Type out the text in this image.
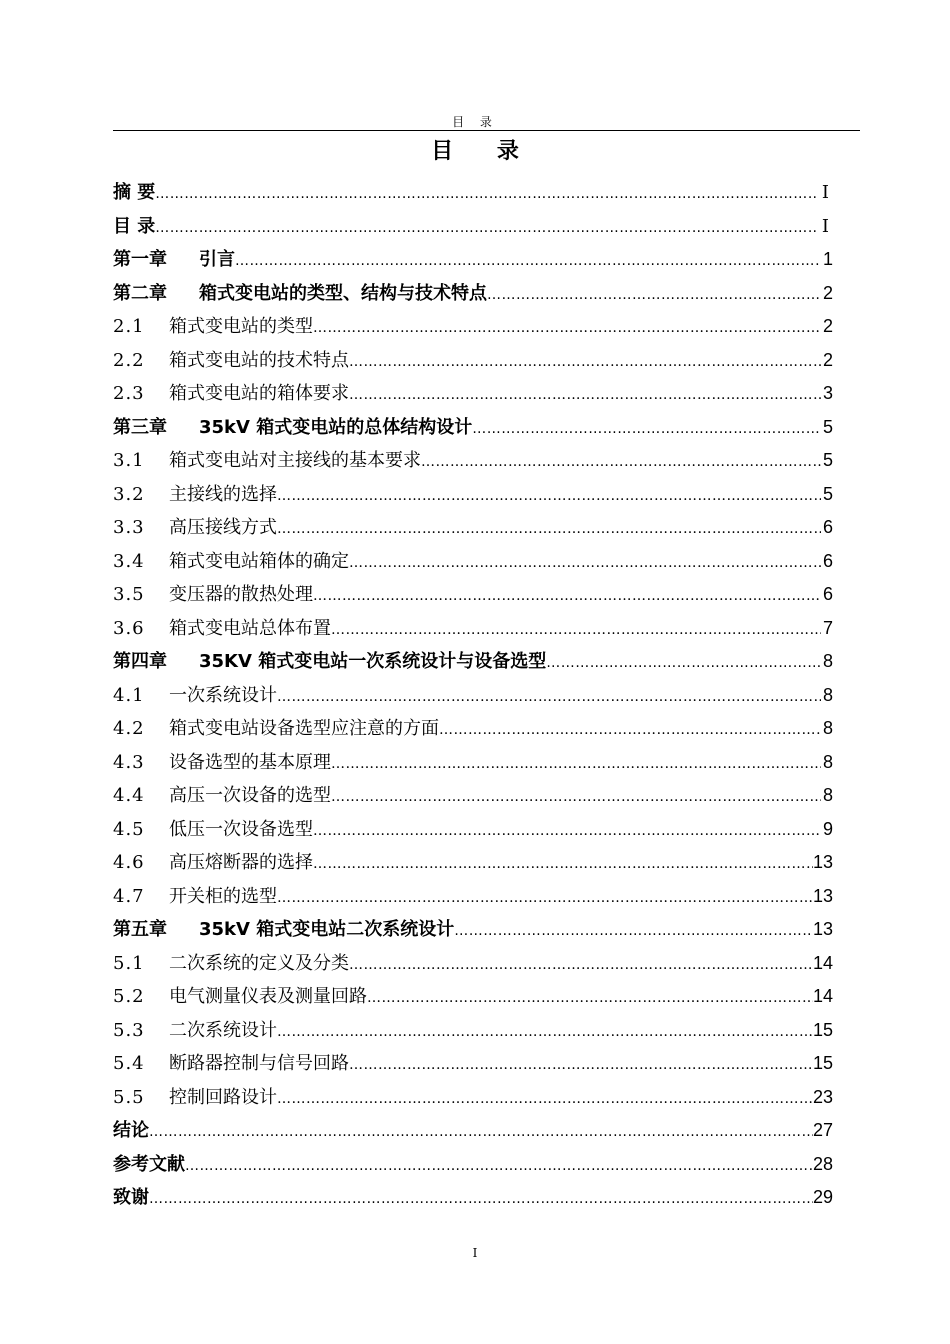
目 录
目 录
摘 要 …………………………………………………………………………………………………………………………………………………………………………………………………………………………………………	I
目 录 …………………………………………………………………………………………………………………………………………………………………………………………………………………………………………	I
第一章	引言 …………………………………………………………………………………………………………………………………………………………………………………………………………………………………………	1
第二章	箱式变电站的类型、结构与技术特点 …………………………………………………………………………………………………………………………………………………………………………………………………………………………………………	2
2.1	箱式变电站的类型 …………………………………………………………………………………………………………………………………………………………………………………………………………………………………………	2
2.2	箱式变电站的技术特点 …………………………………………………………………………………………………………………………………………………………………………………………………………………………………………	2
2.3	箱式变电站的箱体要求 …………………………………………………………………………………………………………………………………………………………………………………………………………………………………………	3
第三章	35kV 箱式变电站的总体结构设计 …………………………………………………………………………………………………………………………………………………………………………………………………………………………………………	5
3.1	箱式变电站对主接线的基本要求 …………………………………………………………………………………………………………………………………………………………………………………………………………………………………………	5
3.2	主接线的选择 …………………………………………………………………………………………………………………………………………………………………………………………………………………………………………	5
3.3	高压接线方式 …………………………………………………………………………………………………………………………………………………………………………………………………………………………………………	6
3.4	箱式变电站箱体的确定 …………………………………………………………………………………………………………………………………………………………………………………………………………………………………………	6
3.5	变压器的散热处理 …………………………………………………………………………………………………………………………………………………………………………………………………………………………………………	6
3.6	箱式变电站总体布置 …………………………………………………………………………………………………………………………………………………………………………………………………………………………………………	7
第四章	35KV 箱式变电站一次系统设计与设备选型 …………………………………………………………………………………………………………………………………………………………………………………………………………………………………………	8
4.1	一次系统设计 …………………………………………………………………………………………………………………………………………………………………………………………………………………………………………	8
4.2	箱式变电站设备选型应注意的方面 …………………………………………………………………………………………………………………………………………………………………………………………………………………………………………	8
4.3	设备选型的基本原理 …………………………………………………………………………………………………………………………………………………………………………………………………………………………………………	8
4.4	高压一次设备的选型 …………………………………………………………………………………………………………………………………………………………………………………………………………………………………………	8
4.5	低压一次设备选型 …………………………………………………………………………………………………………………………………………………………………………………………………………………………………………	9
4.6	高压熔断器的选择 …………………………………………………………………………………………………………………………………………………………………………………………………………………………………………	13
4.7	开关柜的选型 …………………………………………………………………………………………………………………………………………………………………………………………………………………………………………	13
第五章	35kV 箱式变电站二次系统设计 …………………………………………………………………………………………………………………………………………………………………………………………………………………………………………	13
5.1	二次系统的定义及分类 …………………………………………………………………………………………………………………………………………………………………………………………………………………………………………	14
5.2	电气测量仪表及测量回路 …………………………………………………………………………………………………………………………………………………………………………………………………………………………………………	14
5.3	二次系统设计 …………………………………………………………………………………………………………………………………………………………………………………………………………………………………………	15
5.4	断路器控制与信号回路 …………………………………………………………………………………………………………………………………………………………………………………………………………………………………………	15
5.5	控制回路设计 …………………………………………………………………………………………………………………………………………………………………………………………………………………………………………	23
结论 …………………………………………………………………………………………………………………………………………………………………………………………………………………………………………	27
参考文献 …………………………………………………………………………………………………………………………………………………………………………………………………………………………………………	28
致谢 …………………………………………………………………………………………………………………………………………………………………………………………………………………………………………	29
I
